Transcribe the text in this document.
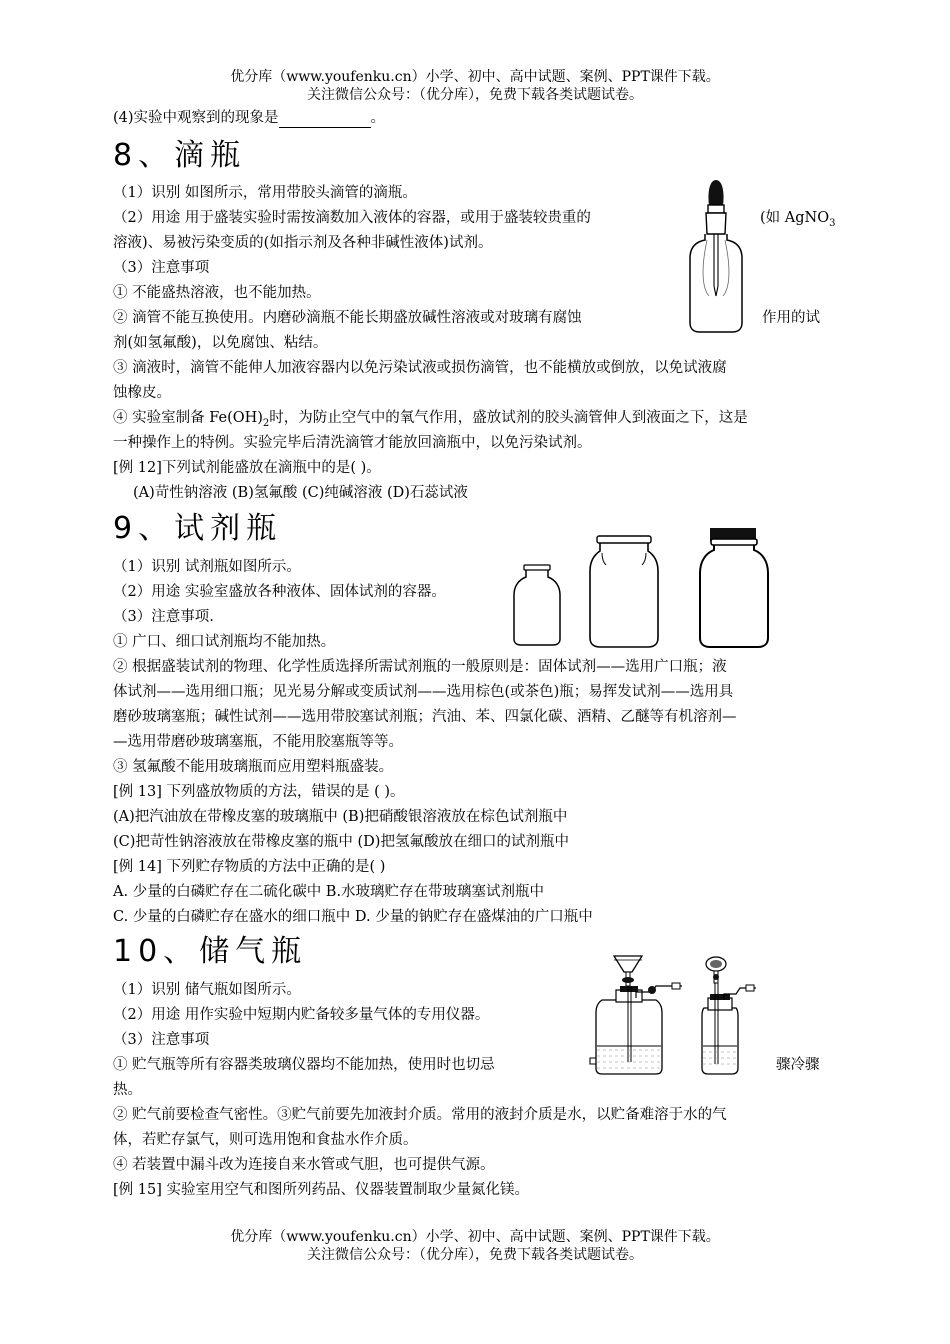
优分库（www.youfenku.cn）小学、初中、高中试题、案例、PPT课件下载。
关注微信公众号：（优分库），免费下载各类试题试卷。
(4)实验中观察到的现象是	。
8、滴瓶
（1）识别 如图所示，常用带胶头滴管的滴瓶。
（2）用途 用于盛装实验时需按滴数加入液体的容器，或用于盛装较贵重的	(如 AgNO$_3$
溶液)、易被污染变质的(如指示剂及各种非碱性液体)试剂。
（3）注意事项
① 不能盛热溶液，也不能加热。
② 滴管不能互换使用。内磨砂滴瓶不能长期盛放碱性溶液或对玻璃有腐蚀	作用的试
剂(如氢氟酸)，以免腐蚀、粘结。
③ 滴液时，滴管不能伸人加液容器内以免污染试液或损伤滴管，也不能横放或倒放，以免试液腐
蚀橡皮。
④ 实验室制备 $Fe(OH)_2$时，为防止空气中的氧气作用，盛放试剂的胶头滴管伸人到液面之下，这是
一种操作上的特例。实验完毕后清洗滴管才能放回滴瓶中，以免污染试剂。
[例 12]下列试剂能盛放在滴瓶中的是( )。
(A)苛性钠溶液 (B)氢氟酸 (C)纯碱溶液 (D)石蕊试液
9、试剂瓶
（1）识别 试剂瓶如图所示。
（2）用途 实验室盛放各种液体、固体试剂的容器。
（3）注意事项.
① 广口、细口试剂瓶均不能加热。
② 根据盛装试剂的物理、化学性质选择所需试剂瓶的一般原则是：固体试剂——选用广口瓶；液
体试剂——选用细口瓶；见光易分解或变质试剂——选用棕色(或茶色)瓶；易挥发试剂——选用具
磨砂玻璃塞瓶；碱性试剂——选用带胶塞试剂瓶；汽油、苯、四氯化碳、酒精、乙醚等有机溶剂—
—选用带磨砂玻璃塞瓶，不能用胶塞瓶等等。
③ 氢氟酸不能用玻璃瓶而应用塑料瓶盛装。
[例 13] 下列盛放物质的方法，错误的是 ( )。
(A)把汽油放在带橡皮塞的玻璃瓶中 (B)把硝酸银溶液放在棕色试剂瓶中
(C)把苛性钠溶液放在带橡皮塞的瓶中 (D)把氢氟酸放在细口的试剂瓶中
[例 14] 下列贮存物质的方法中正确的是( )
A. 少量的白磷贮存在二硫化碳中 B.水玻璃贮存在带玻璃塞试剂瓶中
C. 少量的白磷贮存在盛水的细口瓶中 D. 少量的钠贮存在盛煤油的广口瓶中
10、储气瓶
（1）识别 储气瓶如图所示。
（2）用途 用作实验中短期内贮备较多量气体的专用仪器。
（3）注意事项
① 贮气瓶等所有容器类玻璃仪器均不能加热，使用时也切忌	骤冷骤
热。
② 贮气前要检查气密性。③贮气前要先加液封介质。常用的液封介质是水，以贮备难溶于水的气
体，若贮存氯气，则可选用饱和食盐水作介质。
④ 若装置中漏斗改为连接自来水管或气胆，也可提供气源。
[例 15] 实验室用空气和图所列药品、仪器装置制取少量氮化镁。
优分库（www.youfenku.cn）小学、初中、高中试题、案例、PPT课件下载。
关注微信公众号：（优分库），免费下载各类试题试卷。
